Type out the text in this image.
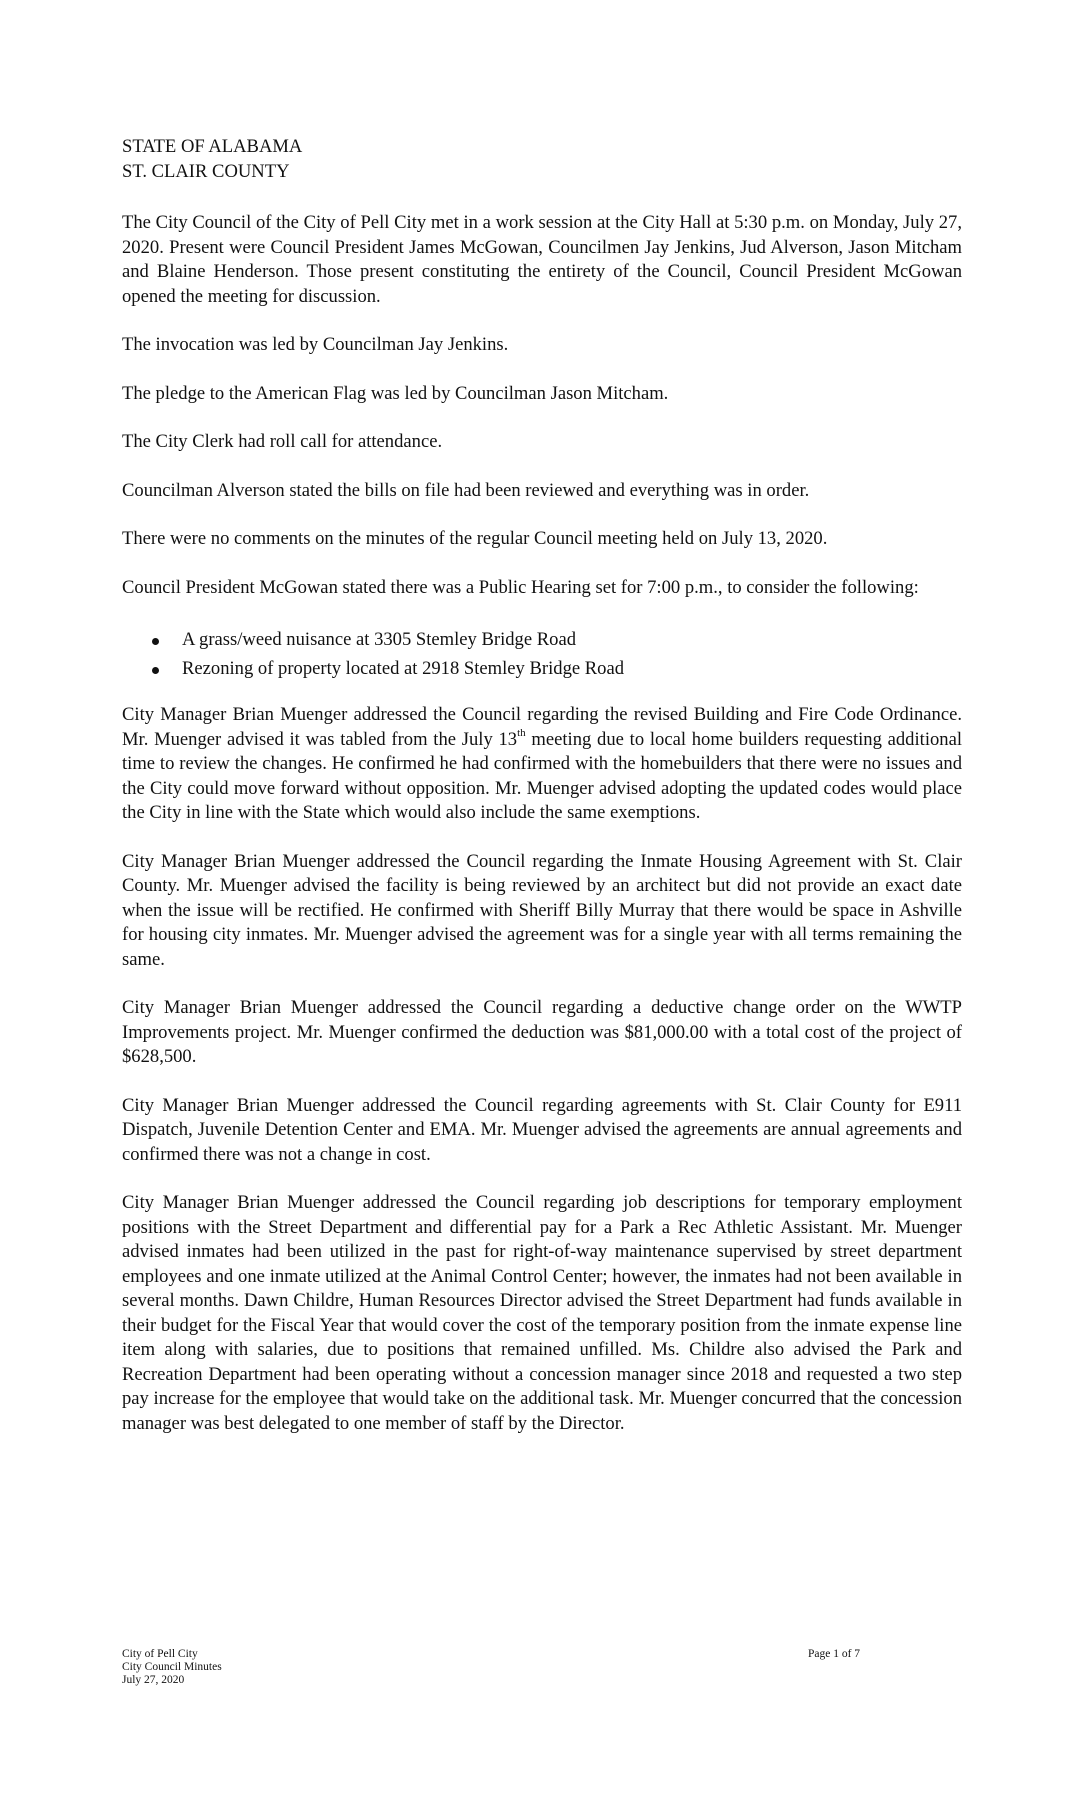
STATE OF ALABAMA
ST. CLAIR COUNTY

The City Council of the City of Pell City met in a work session at the City Hall at 5:30 p.m. on Monday, July 27, 2020. Present were Council President James McGowan, Councilmen Jay Jenkins, Jud Alverson, Jason Mitcham and Blaine Henderson. Those present constituting the entirety of the Council, Council President McGowan opened the meeting for discussion.

The invocation was led by Councilman Jay Jenkins.

The pledge to the American Flag was led by Councilman Jason Mitcham.

The City Clerk had roll call for attendance.

Councilman Alverson stated the bills on file had been reviewed and everything was in order.

There were no comments on the minutes of the regular Council meeting held on July 13, 2020.

Council President McGowan stated there was a Public Hearing set for 7:00 p.m., to consider the following:

A grass/weed nuisance at 3305 Stemley Bridge Road
Rezoning of property located at 2918 Stemley Bridge Road

City Manager Brian Muenger addressed the Council regarding the revised Building and Fire Code Ordinance. Mr. Muenger advised it was tabled from the July 13th meeting due to local home builders requesting additional time to review the changes. He confirmed he had confirmed with the homebuilders that there were no issues and the City could move forward without opposition. Mr. Muenger advised adopting the updated codes would place the City in line with the State which would also include the same exemptions.

City Manager Brian Muenger addressed the Council regarding the Inmate Housing Agreement with St. Clair County. Mr. Muenger advised the facility is being reviewed by an architect but did not provide an exact date when the issue will be rectified. He confirmed with Sheriff Billy Murray that there would be space in Ashville for housing city inmates. Mr. Muenger advised the agreement was for a single year with all terms remaining the same.

City Manager Brian Muenger addressed the Council regarding a deductive change order on the WWTP Improvements project. Mr. Muenger confirmed the deduction was $81,000.00 with a total cost of the project of $628,500.

City Manager Brian Muenger addressed the Council regarding agreements with St. Clair County for E911 Dispatch, Juvenile Detention Center and EMA. Mr. Muenger advised the agreements are annual agreements and confirmed there was not a change in cost.

City Manager Brian Muenger addressed the Council regarding job descriptions for temporary employment positions with the Street Department and differential pay for a Park a Rec Athletic Assistant. Mr. Muenger advised inmates had been utilized in the past for right-of-way maintenance supervised by street department employees and one inmate utilized at the Animal Control Center; however, the inmates had not been available in several months. Dawn Childre, Human Resources Director advised the Street Department had funds available in their budget for the Fiscal Year that would cover the cost of the temporary position from the inmate expense line item along with salaries, due to positions that remained unfilled. Ms. Childre also advised the Park and Recreation Department had been operating without a concession manager since 2018 and requested a two step pay increase for the employee that would take on the additional task. Mr. Muenger concurred that the concession manager was best delegated to one member of staff by the Director.

City of Pell City
City Council Minutes
July 27, 2020
Page 1 of 7
